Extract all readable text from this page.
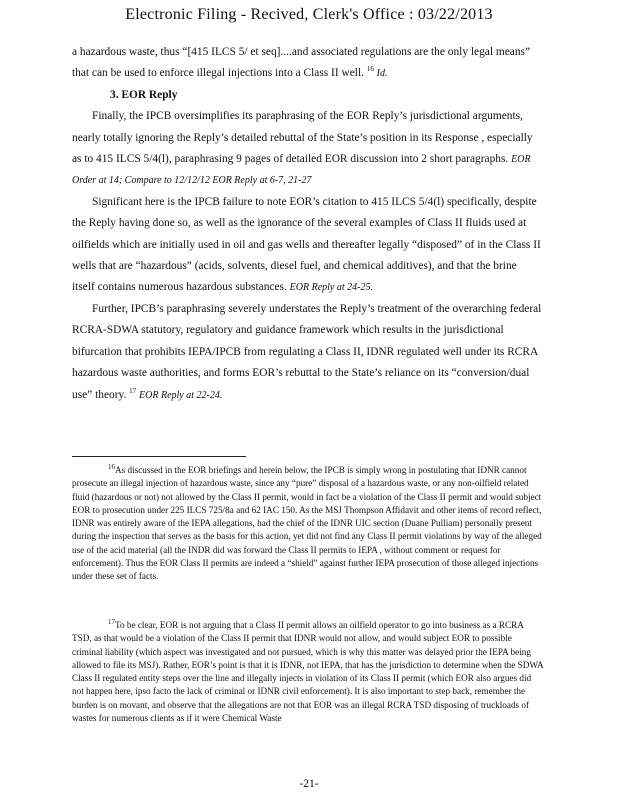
Electronic Filing - Recived, Clerk's Office : 03/22/2013

a hazardous waste, thus “[415 ILCS 5/ et seq]....and associated regulations are the only legal means” that can be used to enforce illegal injections into a Class II well. $^{16}$ Id.

3. EOR Reply

Finally, the IPCB oversimplifies its paraphrasing of the EOR Reply’s jurisdictional arguments, nearly totally ignoring the Reply’s detailed rebuttal of the State’s position in its Response , especially as to 415 ILCS 5/4(l), paraphrasing 9 pages of detailed EOR discussion into 2 short paragraphs. EOR Order at 14; Compare to 12/12/12 EOR Reply at 6-7, 21-27

Significant here is the IPCB failure to note EOR’s citation to 415 ILCS 5/4(l) specifically, despite the Reply having done so, as well as the ignorance of the several examples of Class II fluids used at oilfields which are initially used in oil and gas wells and thereafter legally “disposed” of in the Class II wells that are “hazardous” (acids, solvents, diesel fuel, and chemical additives), and that the brine itself contains numerous hazardous substances. EOR Reply at 24-25.

Further, IPCB’s paraphrasing severely understates the Reply’s treatment of the overarching federal RCRA-SDWA statutory, regulatory and guidance framework which results in the jurisdictional bifurcation that prohibits IEPA/IPCB from regulating a Class II, IDNR regulated well under its RCRA hazardous waste authorities, and forms EOR’s rebuttal to the State’s reliance on its “conversion/dual use” theory. $^{17}$ EOR Reply at 22-24.

$^{16}$As discussed in the EOR briefings and herein below, the IPCB is simply wrong in postulating that IDNR cannot prosecute an illegal injection of hazardous waste, since any “pure” disposal of a hazardous waste, or any non-oilfield related fluid (hazardous or not) not allowed by the Class II permit, would in fact be a violation of the Class II permit and would subject EOR to prosecution under 225 ILCS 725/8a and 62 IAC 150. As the MSJ Thompson Affidavit and other items of record reflect, IDNR was entirely aware of the IEPA allegations, had the chief of the IDNR UIC section (Duane Pulliam) personally present during the inspection that serves as the basis for this action, yet did not find any Class II permit violations by way of the alleged use of the acid material (all the INDR did was forward the Class II permits to IEPA , without comment or request for enforcement). Thus the EOR Class II permits are indeed a “shield” against further IEPA prosecution of those alleged injections under these set of facts.

$^{17}$To be clear, EOR is not arguing that a Class II permit allows an oilfield operator to go into business as a RCRA TSD, as that would be a violation of the Class II permit that IDNR would not allow, and would subject EOR to possible criminal liability (which aspect was investigated and not pursued, which is why this matter was delayed prior the IEPA being allowed to file its MSJ). Rather, EOR’s point is that it is IDNR, not IEPA, that has the jurisdiction to determine when the SDWA Class II regulated entity steps over the line and illegally injects in violation of its Class II permit (which EOR also argues did not happen here, ipso facto the lack of criminal or IDNR civil enforcement). It is also important to step back, remember the burden is on movant, and observe that the allegations are not that EOR was an illegal RCRA TSD disposing of truckloads of wastes for numerous clients as if it were Chemical Waste

-21-
